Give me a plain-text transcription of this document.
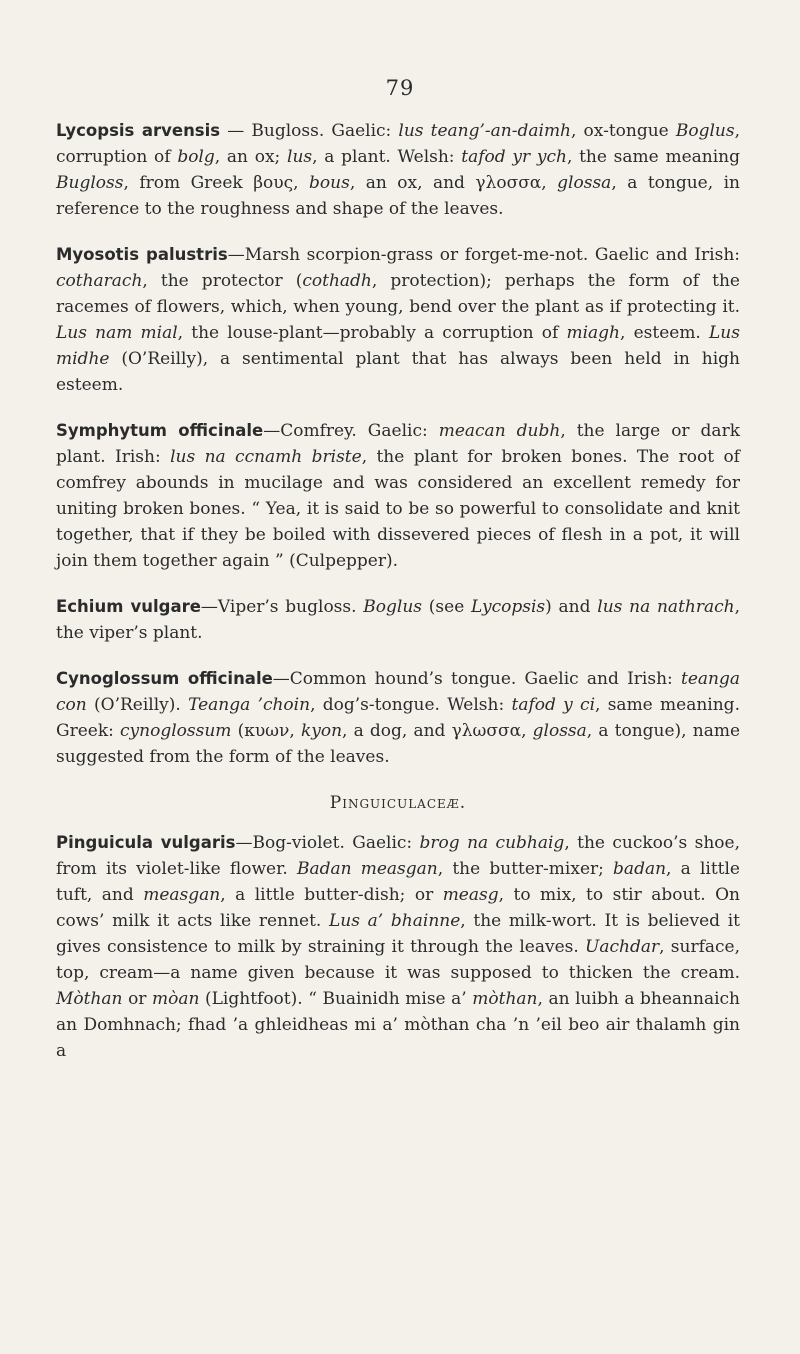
79

Lycopsis arvensis — Bugloss. Gaelic: lus teang’-an-daimh, ox-tongue Boglus, corruption of bolg, an ox; lus, a plant. Welsh: tafod yr ych, the same meaning Bugloss, from Greek βους, bous, an ox, and γλοσσα, glossa, a tongue, in reference to the roughness and shape of the leaves.

Myosotis palustris—Marsh scorpion-grass or forget-me-not. Gaelic and Irish: cotharach, the protector (cothadh, protection); perhaps the form of the racemes of flowers, which, when young, bend over the plant as if protecting it. Lus nam mial, the louse-plant—probably a corruption of miagh, esteem. Lus midhe (O’Reilly), a sentimental plant that has always been held in high esteem.

Symphytum officinale—Comfrey. Gaelic: meacan dubh, the large or dark plant. Irish: lus na ccnamh briste, the plant for broken bones. The root of comfrey abounds in mucilage and was considered an excellent remedy for uniting broken bones. “ Yea, it is said to be so powerful to consolidate and knit together, that if they be boiled with dissevered pieces of flesh in a pot, it will join them together again ” (Culpepper).

Echium vulgare—Viper’s bugloss. Boglus (see Lycopsis) and lus na nathrach, the viper’s plant.

Cynoglossum officinale—Common hound’s tongue. Gaelic and Irish: teanga con (O’Reilly). Teanga ’choin, dog’s-tongue. Welsh: tafod y ci, same meaning. Greek: cynoglossum (κυων, kyon, a dog, and γλωσσα, glossa, a tongue), name suggested from the form of the leaves.

Pinguiculaceæ.

Pinguicula vulgaris—Bog-violet. Gaelic: brog na cubhaig, the cuckoo’s shoe, from its violet-like flower. Badan measgan, the butter-mixer; badan, a little tuft, and measgan, a little butter-dish; or measg, to mix, to stir about. On cows’ milk it acts like rennet. Lus a’ bhainne, the milk-wort. It is believed it gives consistence to milk by straining it through the leaves. Uachdar, surface, top, cream—a name given because it was supposed to thicken the cream. Mòthan or mòan (Lightfoot). “ Buainidh mise a’ mòthan, an luibh a bheannaich an Domhnach; fhad ’a ghleidheas mi a’ mòthan cha ’n ’eil beo air thalamh gin a
